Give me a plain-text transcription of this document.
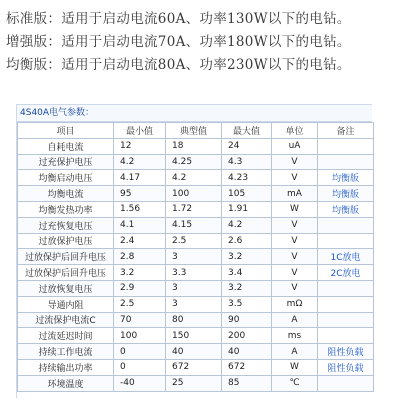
标准版：适用于启动电流60A、功率130W以下的电钻。
增强版：适用于启动电流70A、功率180W以下的电钻。
均衡版：适用于启动电流80A、功率230W以下的电钻。
4S40A电气参数：
项目	最小值	典型值	最大值	单位	备注
自耗电流	12	18	24	uA	
过充保护电压	4.2	4.25	4.3	V	
均衡启动电压	4.17	4.2	4.23	V	均衡版
均衡电流	95	100	105	mA	均衡版
均衡发热功率	1.56	1.72	1.91	W	均衡版
过充恢复电压	4.1	4.15	4.2	V	
过放保护电压	2.4	2.5	2.6	V	
过放保护后回升电压	2.8	3	3.2	V	1C放电
过放保护后回升电压	3.2	3.3	3.4	V	2C放电
过放恢复电压	2.9	3	3.2	V	
导通内阻	2.5	3	3.5	mΩ	
过流保护电流C	70	80	90	A	
过流延迟时间	100	150	200	ms	
持续工作电流	0	40	40	A	阻性负载
持续输出功率	0	672	672	W	阻性负载
环境温度	-40	25	85	℃	
